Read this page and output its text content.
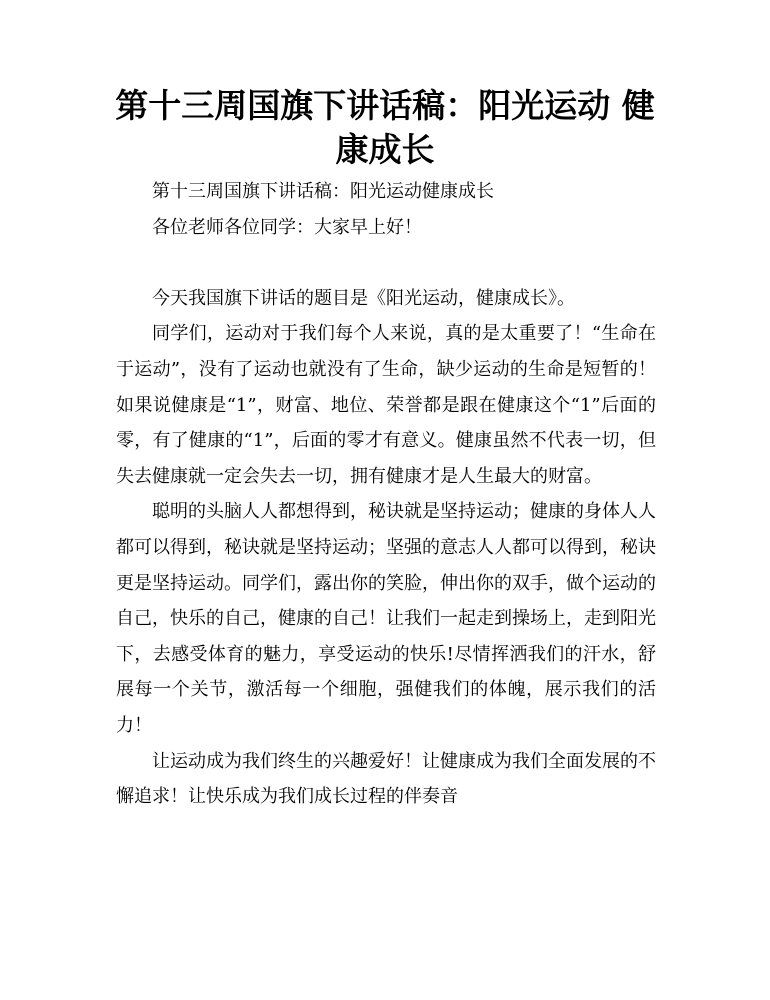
第十三周国旗下讲话稿：阳光运动 健康成长

第十三周国旗下讲话稿：阳光运动健康成长

各位老师各位同学：大家早上好！

今天我国旗下讲话的题目是《阳光运动，健康成长》。

同学们，运动对于我们每个人来说，真的是太重要了！“生命在于运动”，没有了运动也就没有了生命，缺少运动的生命是短暂的！如果说健康是“1”，财富、地位、荣誉都是跟在健康这个“1”后面的零，有了健康的“1”，后面的零才有意义。健康虽然不代表一切，但失去健康就一定会失去一切，拥有健康才是人生最大的财富。

聪明的头脑人人都想得到，秘诀就是坚持运动；健康的身体人人都可以得到，秘诀就是坚持运动；坚强的意志人人都可以得到，秘诀更是坚持运动。同学们，露出你的笑脸，伸出你的双手，做个运动的自己，快乐的自己，健康的自己！让我们一起走到操场上，走到阳光下，去感受体育的魅力，享受运动的快乐!尽情挥洒我们的汗水，舒展每一个关节，激活每一个细胞，强健我们的体魄，展示我们的活力！

让运动成为我们终生的兴趣爱好！让健康成为我们全面发展的不懈追求！让快乐成为我们成长过程的伴奏音
